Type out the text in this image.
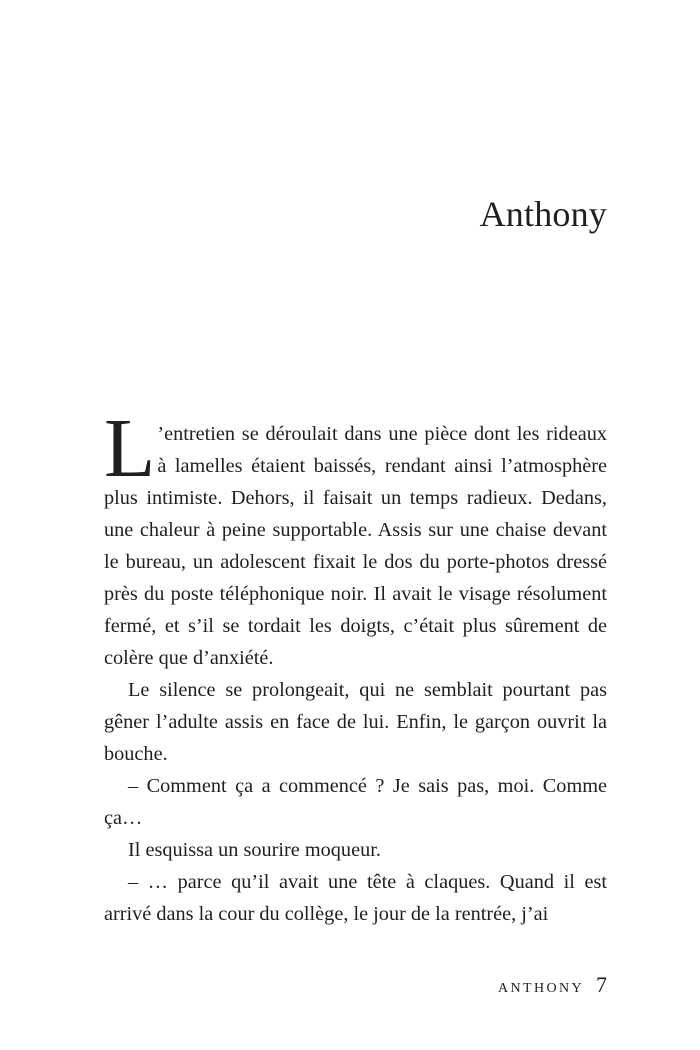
Anthony

L ’entretien se déroulait dans une pièce dont les rideaux à lamelles étaient baissés, rendant ainsi l’atmosphère plus intimiste. Dehors, il faisait un temps radieux. Dedans, une chaleur à peine supportable. Assis sur une chaise devant le bureau, un adolescent fixait le dos du porte-photos dressé près du poste téléphonique noir. Il avait le visage résolument fermé, et s’il se tordait les doigts, c’était plus sûrement de colère que d’anxiété.

Le silence se prolongeait, qui ne semblait pourtant pas gêner l’adulte assis en face de lui. Enfin, le garçon ouvrit la bouche.

– Comment ça a commencé ? Je sais pas, moi. Comme ça…

Il esquissa un sourire moqueur.

– … parce qu’il avait une tête à claques. Quand il est arrivé dans la cour du collège, le jour de la rentrée, j’ai

ANTHONY 7
